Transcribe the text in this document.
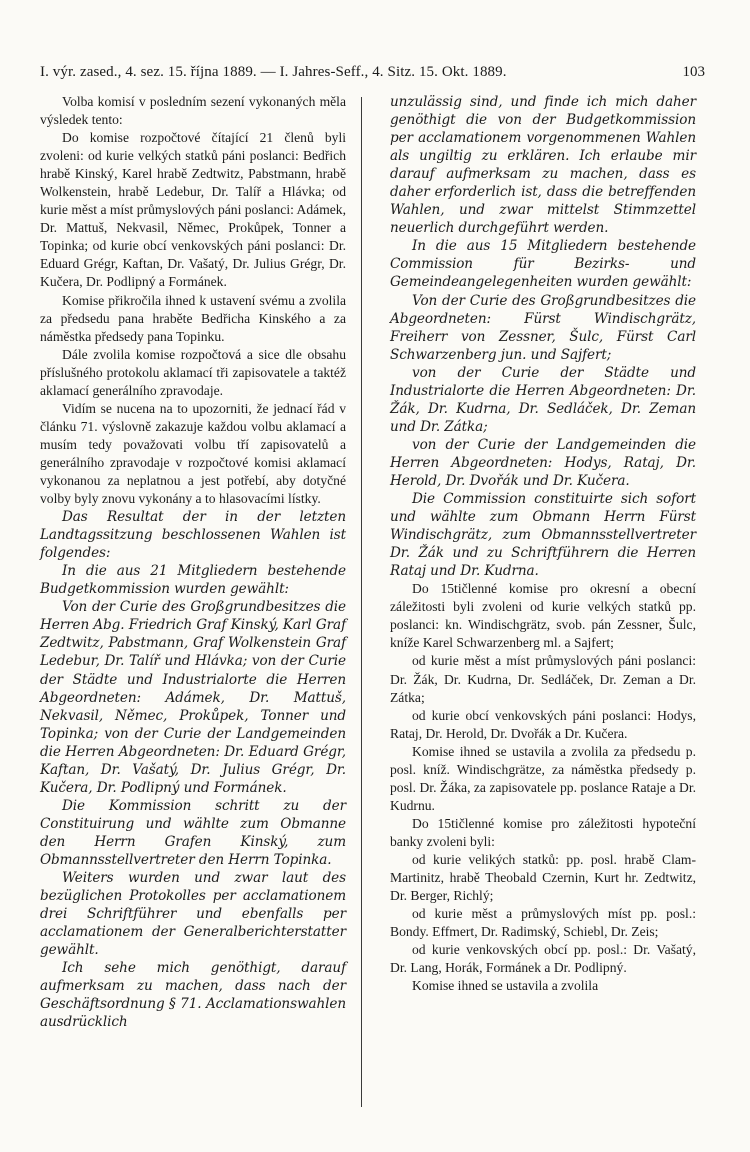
I. výr. zased., 4. sez. 15. října 1889. — I. Jahres-Seff., 4. Sitz. 15. Okt. 1889.	103

Volba komisí v posledním sezení vykonaných měla výsledek tento:

Do komise rozpočtové čítající 21 členů byli zvoleni: od kurie velkých statků páni poslanci: Bedřich hrabě Kinský, Karel hrabě Zedtwitz, Pabstmann, hrabě Wolkenstein, hrabě Ledebur, Dr. Talíř a Hlávka; od kurie měst a míst průmyslových páni poslanci: Adámek, Dr. Mattuš, Nekvasil, Němec, Prokůpek, Tonner a Topinka; od kurie obcí venkovských páni poslanci: Dr. Eduard Grégr, Kaftan, Dr. Vašatý, Dr. Julius Grégr, Dr. Kučera, Dr. Podlipný a Formánek.

Komise přikročila ihned k ustavení svému a zvolila za předsedu pana hraběte Bedřicha Kinského a za náměstka předsedy pana Topinku.

Dále zvolila komise rozpočtová a sice dle obsahu příslušného protokolu aklamací tři zapisovatele a taktéž aklamací generálního zpravodaje.

Vidím se nucena na to upozorniti, že jednací řád v článku 71. výslovně zakazuje každou volbu aklamací a musím tedy považovati volbu tří zapisovatelů a generálního zpravodaje v rozpočtové komisi aklamací vykonanou za neplatnou a jest potřebí, aby dotyčné volby byly znovu vykonány a to hlasovacími lístky.

Das Resultat der in der letzten Landtagssitzung beschlossenen Wahlen ist folgendes:

In die aus 21 Mitgliedern bestehende Budgetkommission wurden gewählt:

Von der Curie des Großgrundbesitzes die Herren Abg. Friedrich Graf Kinský, Karl Graf Zedtwitz, Pabstmann, Graf Wolkenstein Graf Ledebur, Dr. Talíř und Hlávka; von der Curie der Städte und Industrialorte die Herren Abgeordneten: Adámek, Dr. Mattuš, Nekvasil, Němec, Prokůpek, Tonner und Topinka; von der Curie der Landgemeinden die Herren Abgeordneten: Dr. Eduard Grégr, Kaftan, Dr. Vašatý, Dr. Julius Grégr, Dr. Kučera, Dr. Podlipný und Formánek.

Die Kommission schritt zu der Constituirung und wählte zum Obmanne den Herrn Grafen Kinský, zum Obmannsstellvertreter den Herrn Topinka.

Weiters wurden und zwar laut des bezüglichen Protokolles per acclamationem drei Schriftführer und ebenfalls per acclamationem der Generalberichterstatter gewählt.

Ich sehe mich genöthigt, darauf aufmerksam zu machen, dass nach der Geschäftsordnung § 71. Acclamationswahlen ausdrücklich

unzulässig sind, und finde ich mich daher genöthigt die von der Budgetkommission per acclamationem vorgenommenen Wahlen als ungiltig zu erklären. Ich erlaube mir darauf aufmerksam zu machen, dass es daher erforderlich ist, dass die betreffenden Wahlen, und zwar mittelst Stimmzettel neuerlich durchgeführt werden.

In die aus 15 Mitgliedern bestehende Commission für Bezirks- und Gemeindeangelegenheiten wurden gewählt:

Von der Curie des Großgrundbesitzes die Abgeordneten: Fürst Windischgrätz, Freiherr von Zessner, Šulc, Fürst Carl Schwarzenberg jun. und Sajfert;

von der Curie der Städte und Industrialorte die Herren Abgeordneten: Dr. Žák, Dr. Kudrna, Dr. Sedláček, Dr. Zeman und Dr. Zátka;

von der Curie der Landgemeinden die Herren Abgeordneten: Hodys, Rataj, Dr. Herold, Dr. Dvořák und Dr. Kučera.

Die Commission constituirte sich sofort und wählte zum Obmann Herrn Fürst Windischgrätz, zum Obmannsstellvertreter Dr. Žák und zu Schriftführern die Herren Rataj und Dr. Kudrna.

Do 15tičlenné komise pro okresní a obecní záležitosti byli zvoleni od kurie velkých statků pp. poslanci: kn. Windischgrätz, svob. pán Zessner, Šulc, kníže Karel Schwarzenberg ml. a Sajfert;

od kurie měst a míst průmyslových páni poslanci: Dr. Žák, Dr. Kudrna, Dr. Sedláček, Dr. Zeman a Dr. Zátka;

od kurie obcí venkovských páni poslanci: Hodys, Rataj, Dr. Herold, Dr. Dvořák a Dr. Kučera.

Komise ihned se ustavila a zvolila za předsedu p. posl. kníž. Windischgrätze, za náměstka předsedy p. posl. Dr. Žáka, za zapisovatele pp. poslance Rataje a Dr. Kudrnu.

Do 15tičlenné komise pro záležitosti hypoteční banky zvoleni byli:

od kurie velikých statků: pp. posl. hrabě Clam-Martinitz, hrabě Theobald Czernin, Kurt hr. Zedtwitz, Dr. Berger, Richlý;

od kurie měst a průmyslových míst pp. posl.: Bondy. Effmert, Dr. Radimský, Schiebl, Dr. Zeis;

od kurie venkovských obcí pp. posl.: Dr. Vašatý, Dr. Lang, Horák, Formánek a Dr. Podlipný.

Komise ihned se ustavila a zvolila
